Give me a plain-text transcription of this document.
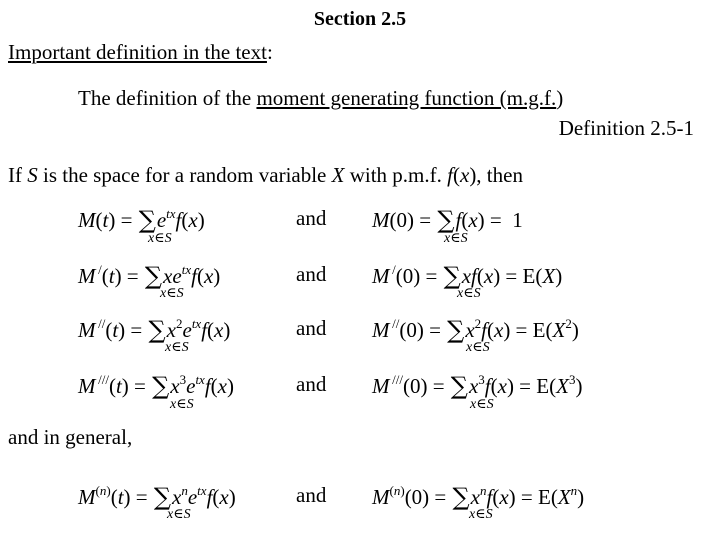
Section 2.5
Important definition in the text:
The definition of the moment generating function (m.g.f.)
Definition 2.5-1
If S is the space for a random variable X with p.m.f. f(x), then
$M(t) = \sum e^{tx}f(x)$
x∈S
and M(0) = ∑f(x) =  1
x∈S
M $^/(t) = \sum xe^{tx}f(x)$
x∈S
and M /(0) = ∑xf(x) = E(X)
x∈S
M $^{//}(t) = \sum x^2e^{tx}f(x)$
x∈S
and M $^{//}(0) = \sum x^2f(x) = E(X^2)$
x∈S
M $^{///}(t) = \sum x^3e^{tx}f(x)$
x∈S
and M $^{///}(0) = \sum x^3f(x) = E(X^3)$
x∈S
and in general,
$M^{(n)}(t) = \sum x^ne^{tx}f(x)$
x∈S
and $M^{(n)}(0) = \sum x^nf(x) = E(X^n)$
x∈S
